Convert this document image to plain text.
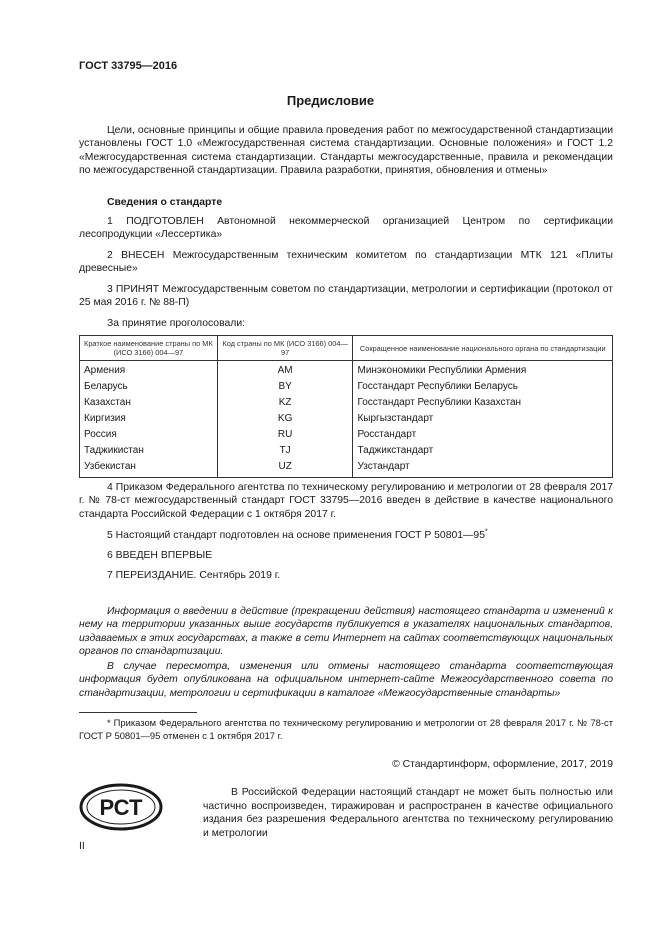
ГОСТ 33795—2016
Предисловие
Цели, основные принципы и общие правила проведения работ по межгосударственной стандартизации установлены ГОСТ 1.0 «Межгосударственная система стандартизации. Основные положения» и ГОСТ 1.2 «Межгосударственная система стандартизации. Стандарты межгосударственные, правила и рекомендации по межгосударственной стандартизации. Правила разработки, принятия, обновления и отмены»
Сведения о стандарте
1 ПОДГОТОВЛЕН Автономной некоммерческой организацией Центром по сертификации лесопродукции «Лессертика»
2 ВНЕСЕН Межгосударственным техническим комитетом по стандартизации МТК 121 «Плиты древесные»
3 ПРИНЯТ Межгосударственным советом по стандартизации, метрологии и сертификации (протокол от 25 мая 2016 г. № 88-П)
За принятие проголосовали:
Краткое наименование страны по МК (ИСО 3166) 004—97	Код страны по МК (ИСО 3166) 004—97	Сокращенное наименование национального органа по стандартизации
Армения	AM	Минэкономики Республики Армения
Беларусь	BY	Госстандарт Республики Беларусь
Казахстан	KZ	Госстандарт Республики Казахстан
Киргизия	KG	Кыргызстандарт
Россия	RU	Росстандарт
Таджикистан	TJ	Таджикстандарт
Узбекистан	UZ	Узстандарт
4 Приказом Федерального агентства по техническому регулированию и метрологии от 28 февраля 2017 г. № 78-ст межгосударственный стандарт ГОСТ 33795—2016 введен в действие в качестве национального стандарта Российской Федерации с 1 октября 2017 г.
5 Настоящий стандарт подготовлен на основе применения ГОСТ Р 50801—95*
6 ВВЕДЕН ВПЕРВЫЕ
7 ПЕРЕИЗДАНИЕ. Сентябрь 2019 г.
Информация о введении в действие (прекращении действия) настоящего стандарта и изменений к нему на территории указанных выше государств публикуется в указателях национальных стандартов, издаваемых в этих государствах, а также в сети Интернет на сайтах соответствующих национальных органов по стандартизации.
В случае пересмотра, изменения или отмены настоящего стандарта соответствующая информация будет опубликована на официальном интернет-сайте Межгосударственного совета по стандартизации, метрологии и сертификации в каталоге «Межгосударственные стандарты»
* Приказом Федерального агентства по техническому регулированию и метрологии от 28 февраля 2017 г. № 78-ст ГОСТ Р 50801—95 отменен с 1 октября 2017 г.
© Стандартинформ, оформление, 2017, 2019
РСТ
В Российской Федерации настоящий стандарт не может быть полностью или частично воспроизведен, тиражирован и распространен в качестве официального издания без разрешения Федерального агентства по техническому регулированию и метрологии
II
